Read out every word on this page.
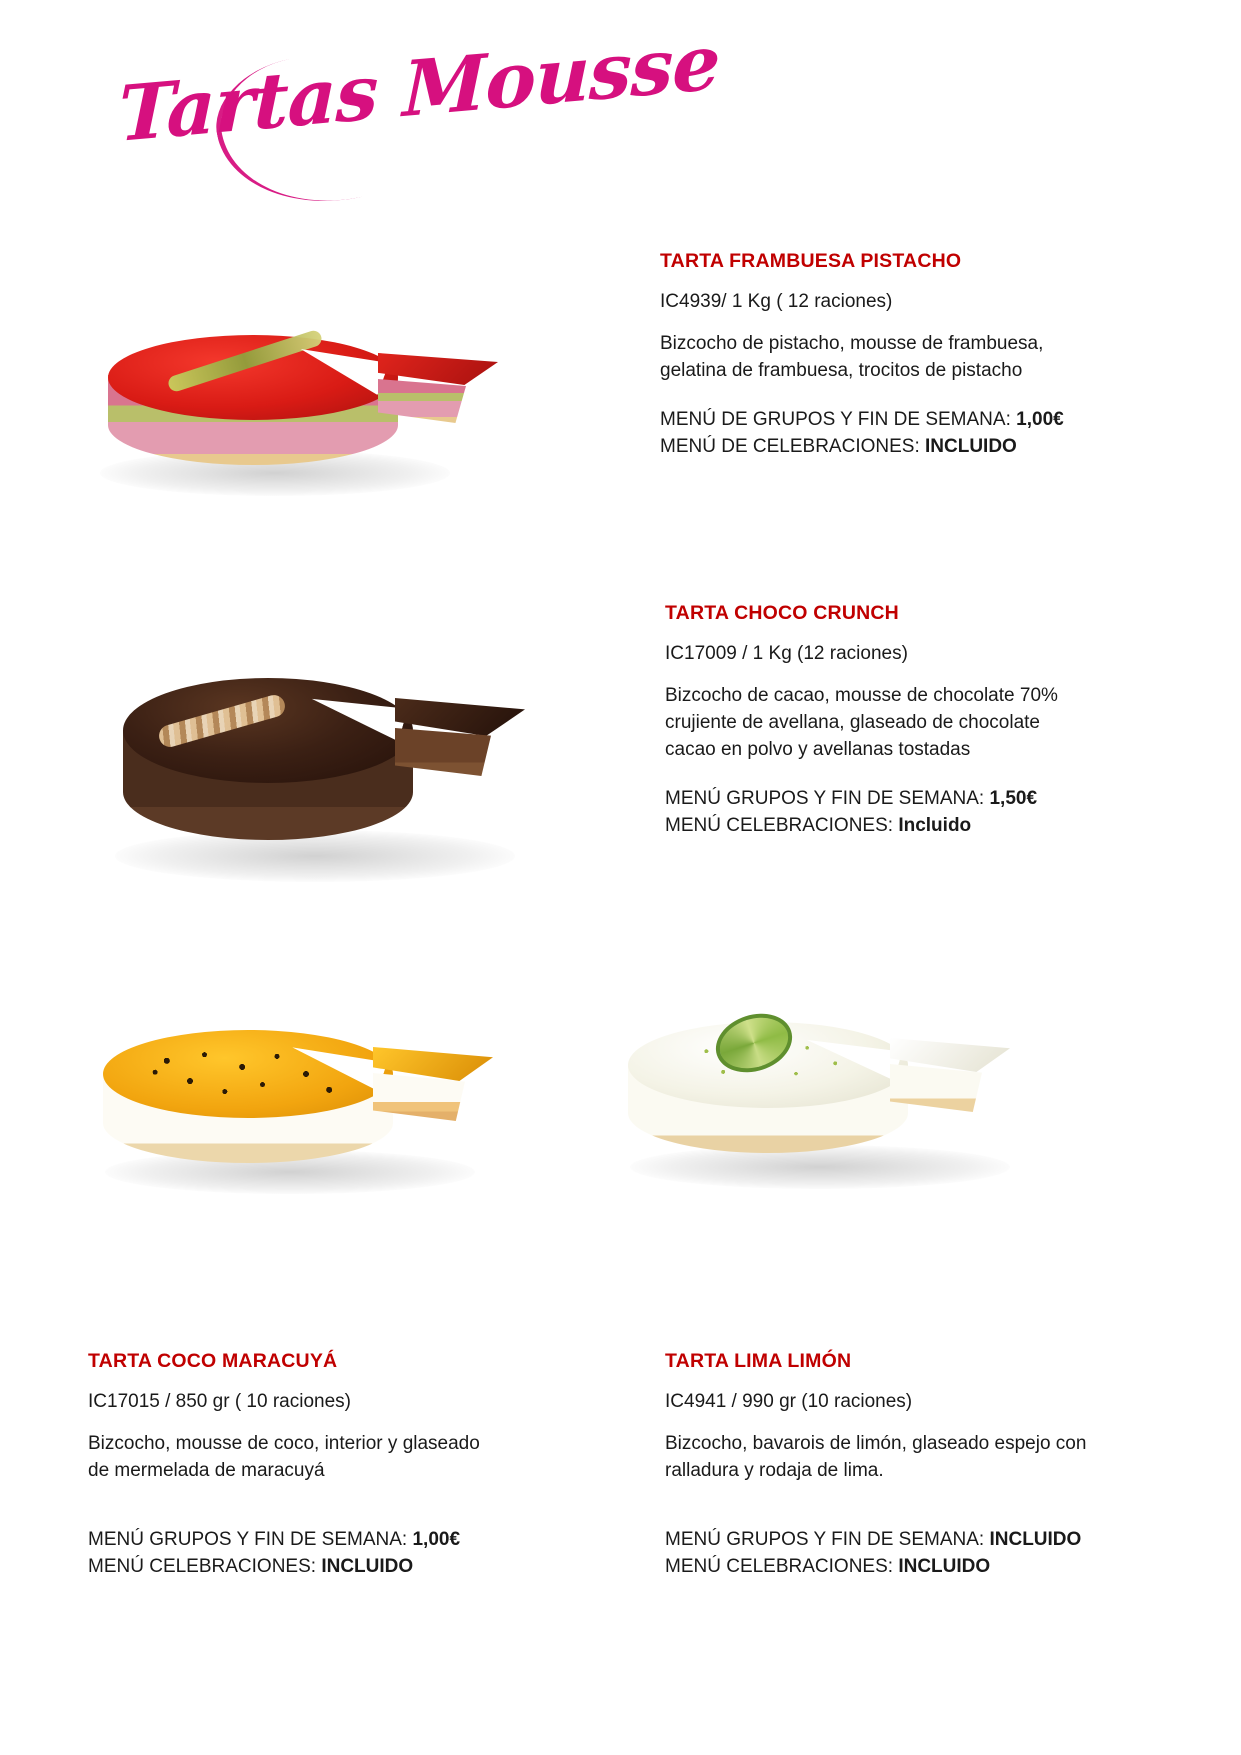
Tartas Mousse

TARTA FRAMBUESA PISTACHO

IC4939/ 1 Kg ( 12 raciones)

Bizcocho de pistacho, mousse de frambuesa, gelatina de frambuesa, trocitos de pistacho

MENÚ DE GRUPOS Y FIN DE SEMANA: 1,00€
MENÚ DE CELEBRACIONES: INCLUIDO

TARTA CHOCO CRUNCH

IC17009 / 1 Kg (12 raciones)

Bizcocho de cacao, mousse de chocolate 70% crujiente de avellana, glaseado de chocolate cacao en polvo y avellanas tostadas

MENÚ GRUPOS Y FIN DE SEMANA: 1,50€
MENÚ CELEBRACIONES: Incluido

TARTA COCO MARACUYÁ

IC17015 / 850 gr ( 10 raciones)

Bizcocho, mousse de coco, interior y glaseado de mermelada de maracuyá

MENÚ GRUPOS Y FIN DE SEMANA: 1,00€
MENÚ CELEBRACIONES: INCLUIDO

TARTA LIMA LIMÓN

IC4941 / 990 gr (10 raciones)

Bizcocho, bavarois de limón, glaseado espejo con ralladura y rodaja de lima.

MENÚ GRUPOS Y FIN DE SEMANA: INCLUIDO
MENÚ CELEBRACIONES: INCLUIDO
